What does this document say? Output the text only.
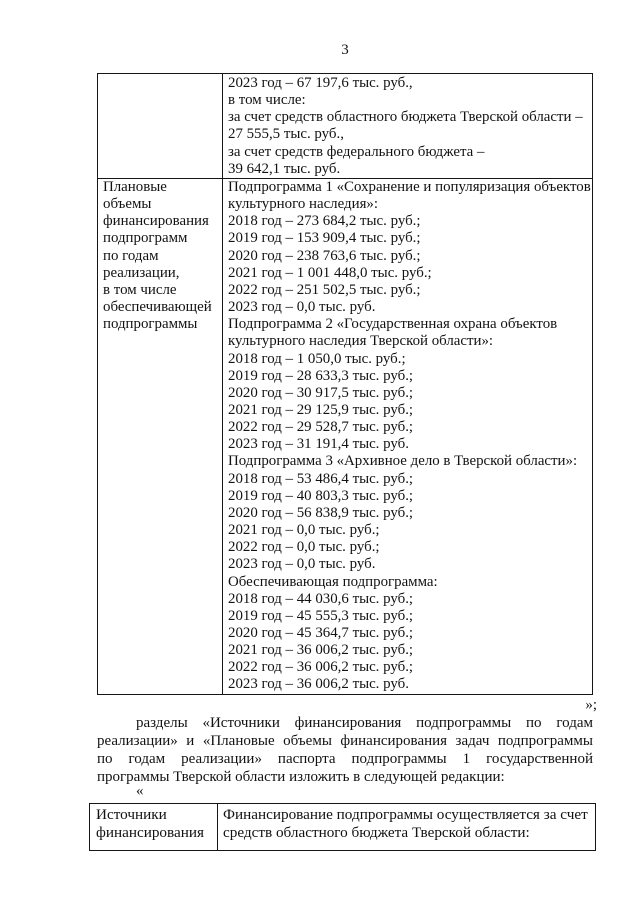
3
2023 год – 67 197,6 тыс. руб.,
в том числе:
за счет средств областного бюджета Тверской области –
27 555,5 тыс. руб.,
за счет средств федерального бюджета –
39 642,1 тыс. руб.
Плановые
объемы
финансирования
подпрограмм
по годам
реализации,
в том числе
обеспечивающей
подпрограммы
Подпрограмма 1 «Сохранение и популяризация объектов
культурного наследия»:
2018 год – 273 684,2 тыс. руб.;
2019 год – 153 909,4 тыс. руб.;
2020 год – 238 763,6 тыс. руб.;
2021 год – 1 001 448,0 тыс. руб.;
2022 год – 251 502,5 тыс. руб.;
2023 год – 0,0 тыс. руб.
Подпрограмма 2 «Государственная охрана объектов
культурного наследия Тверской области»:
2018 год – 1 050,0 тыс. руб.;
2019 год – 28 633,3 тыс. руб.;
2020 год – 30 917,5 тыс. руб.;
2021 год – 29 125,9 тыс. руб.;
2022 год – 29 528,7 тыс. руб.;
2023 год – 31 191,4 тыс. руб.
Подпрограмма 3 «Архивное дело в Тверской области»:
2018 год – 53 486,4 тыс. руб.;
2019 год – 40 803,3 тыс. руб.;
2020 год – 56 838,9 тыс. руб.;
2021 год – 0,0 тыс. руб.;
2022 год – 0,0 тыс. руб.;
2023 год – 0,0 тыс. руб.
Обеспечивающая подпрограмма:
2018 год – 44 030,6 тыс. руб.;
2019 год – 45 555,3 тыс. руб.;
2020 год – 45 364,7 тыс. руб.;
2021 год – 36 006,2 тыс. руб.;
2022 год – 36 006,2 тыс. руб.;
2023 год – 36 006,2 тыс. руб.
»;
разделы «Источники финансирования подпрограммы по годам
реализации» и «Плановые объемы финансирования задач подпрограммы
по годам реализации» паспорта подпрограммы 1 государственной
программы Тверской области изложить в следующей редакции:
«
Источники
финансирования
Финансирование подпрограммы осуществляется за счет
средств областного бюджета Тверской области:
